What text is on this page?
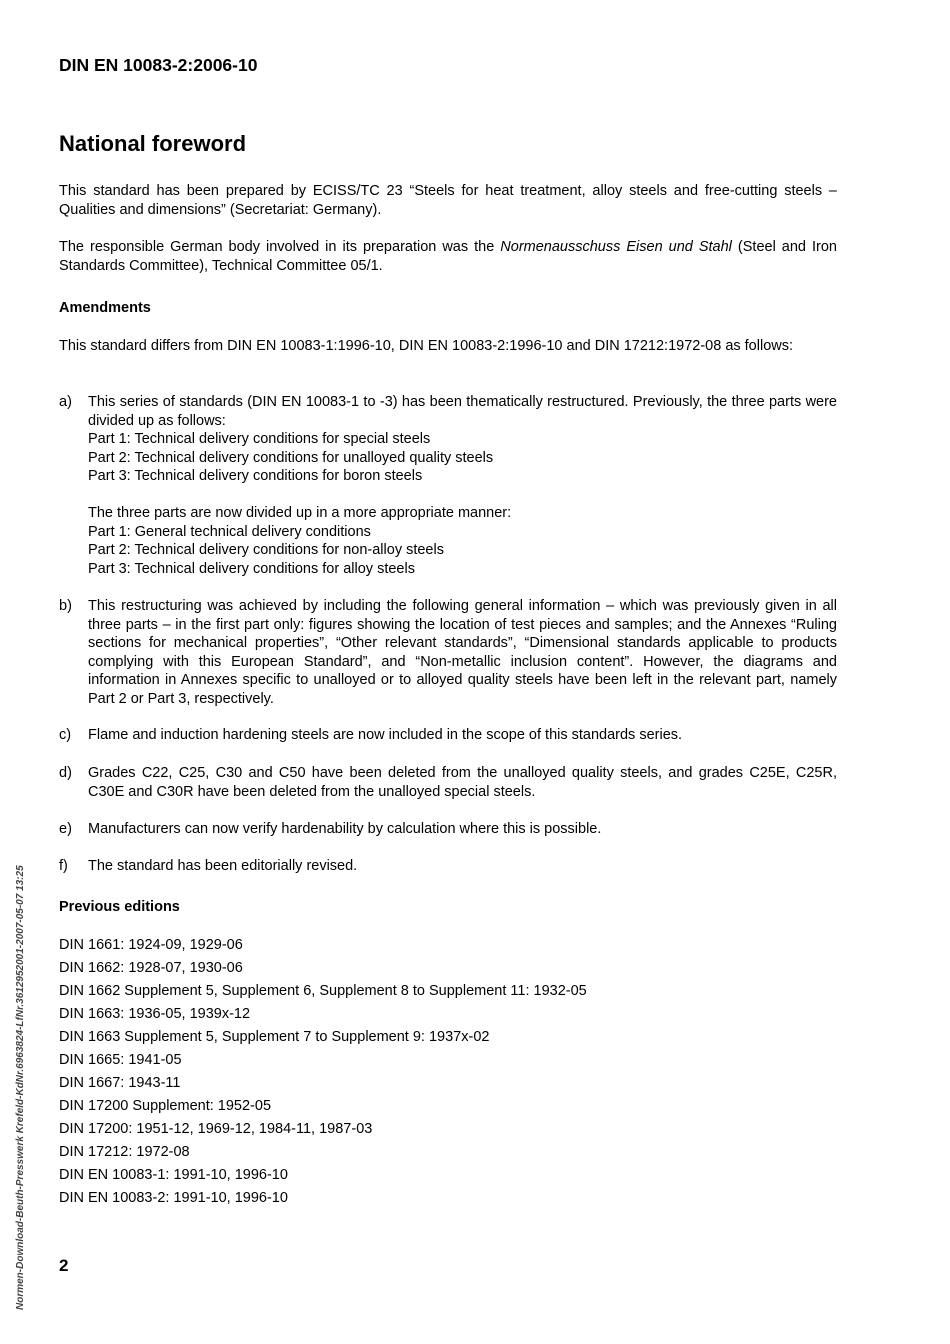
Normen-Download-Beuth-Presswerk Krefeld-KdNr.6963824-LfNr.3612952001-2007-05-07 13:25
DIN EN 10083-2:2006-10
National foreword

This standard has been prepared by ECISS/TC 23 “Steels for heat treatment, alloy steels and free-cutting steels – Qualities and dimensions” (Secretariat: Germany).

The responsible German body involved in its preparation was the Normenausschuss Eisen und Stahl (Steel and Iron Standards Committee), Technical Committee 05/1.

Amendments

This standard differs from DIN EN 10083-1:1996-10, DIN EN 10083-2:1996-10 and DIN 17212:1972-08 as follows:

a) This series of standards (DIN EN 10083-1 to -3) has been thematically restructured. Previously, the three parts were divided up as follows:
Part 1: Technical delivery conditions for special steels
Part 2: Technical delivery conditions for unalloyed quality steels
Part 3: Technical delivery conditions for boron steels
The three parts are now divided up in a more appropriate manner:
Part 1: General technical delivery conditions
Part 2: Technical delivery conditions for non-alloy steels
Part 3: Technical delivery conditions for alloy steels
b) This restructuring was achieved by including the following general information – which was previously given in all three parts – in the first part only: figures showing the location of test pieces and samples; and the Annexes “Ruling sections for mechanical properties”, “Other relevant standards”, “Dimensional standards applicable to products complying with this European Standard”, and “Non-metallic inclusion content”. However, the diagrams and information in Annexes specific to unalloyed or to alloyed quality steels have been left in the relevant part, namely Part 2 or Part 3, respectively.
c) Flame and induction hardening steels are now included in the scope of this standards series.
d) Grades C22, C25, C30 and C50 have been deleted from the unalloyed quality steels, and grades C25E, C25R, C30E and C30R have been deleted from the unalloyed special steels.
e) Manufacturers can now verify hardenability by calculation where this is possible.
f) The standard has been editorially revised.
Previous editions
DIN 1661: 1924-09, 1929-06
DIN 1662: 1928-07, 1930-06
DIN 1662 Supplement 5, Supplement 6, Supplement 8 to Supplement 11: 1932-05
DIN 1663: 1936-05, 1939x-12
DIN 1663 Supplement 5, Supplement 7 to Supplement 9: 1937x-02
DIN 1665: 1941-05
DIN 1667: 1943-11
DIN 17200 Supplement: 1952-05
DIN 17200: 1951-12, 1969-12, 1984-11, 1987-03
DIN 17212: 1972-08
DIN EN 10083-1: 1991-10, 1996-10
DIN EN 10083-2: 1991-10, 1996-10
2
